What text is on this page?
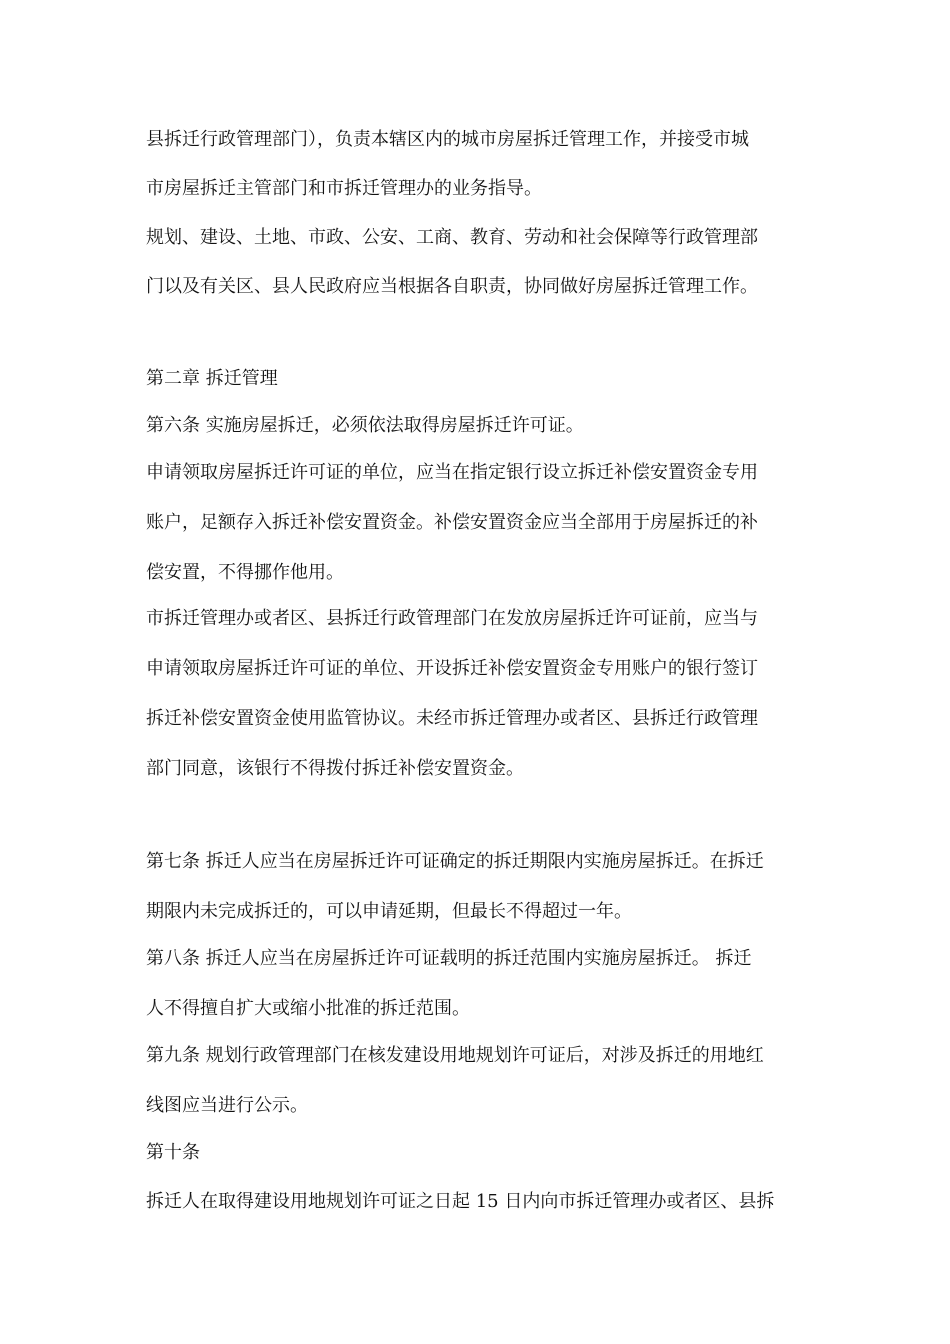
县拆迁行政管理部门），负责本辖区内的城市房屋拆迁管理工作，并接受市城
市房屋拆迁主管部门和市拆迁管理办的业务指导。
规划、建设、土地、市政、公安、工商、教育、劳动和社会保障等行政管理部
门以及有关区、县人民政府应当根据各自职责，协同做好房屋拆迁管理工作。
第二章 拆迁管理
第六条 实施房屋拆迁，必须依法取得房屋拆迁许可证。
申请领取房屋拆迁许可证的单位，应当在指定银行设立拆迁补偿安置资金专用
账户，足额存入拆迁补偿安置资金。补偿安置资金应当全部用于房屋拆迁的补
偿安置，不得挪作他用。
市拆迁管理办或者区、县拆迁行政管理部门在发放房屋拆迁许可证前，应当与
申请领取房屋拆迁许可证的单位、开设拆迁补偿安置资金专用账户的银行签订
拆迁补偿安置资金使用监管协议。未经市拆迁管理办或者区、县拆迁行政管理
部门同意，该银行不得拨付拆迁补偿安置资金。
第七条 拆迁人应当在房屋拆迁许可证确定的拆迁期限内实施房屋拆迁。在拆迁
期限内未完成拆迁的，可以申请延期，但最长不得超过一年。
第八条 拆迁人应当在房屋拆迁许可证载明的拆迁范围内实施房屋拆迁。 拆迁
人不得擅自扩大或缩小批准的拆迁范围。
第九条 规划行政管理部门在核发建设用地规划许可证后，对涉及拆迁的用地红
线图应当进行公示。
第十条
拆迁人在取得建设用地规划许可证之日起 15 日内向市拆迁管理办或者区、县拆
